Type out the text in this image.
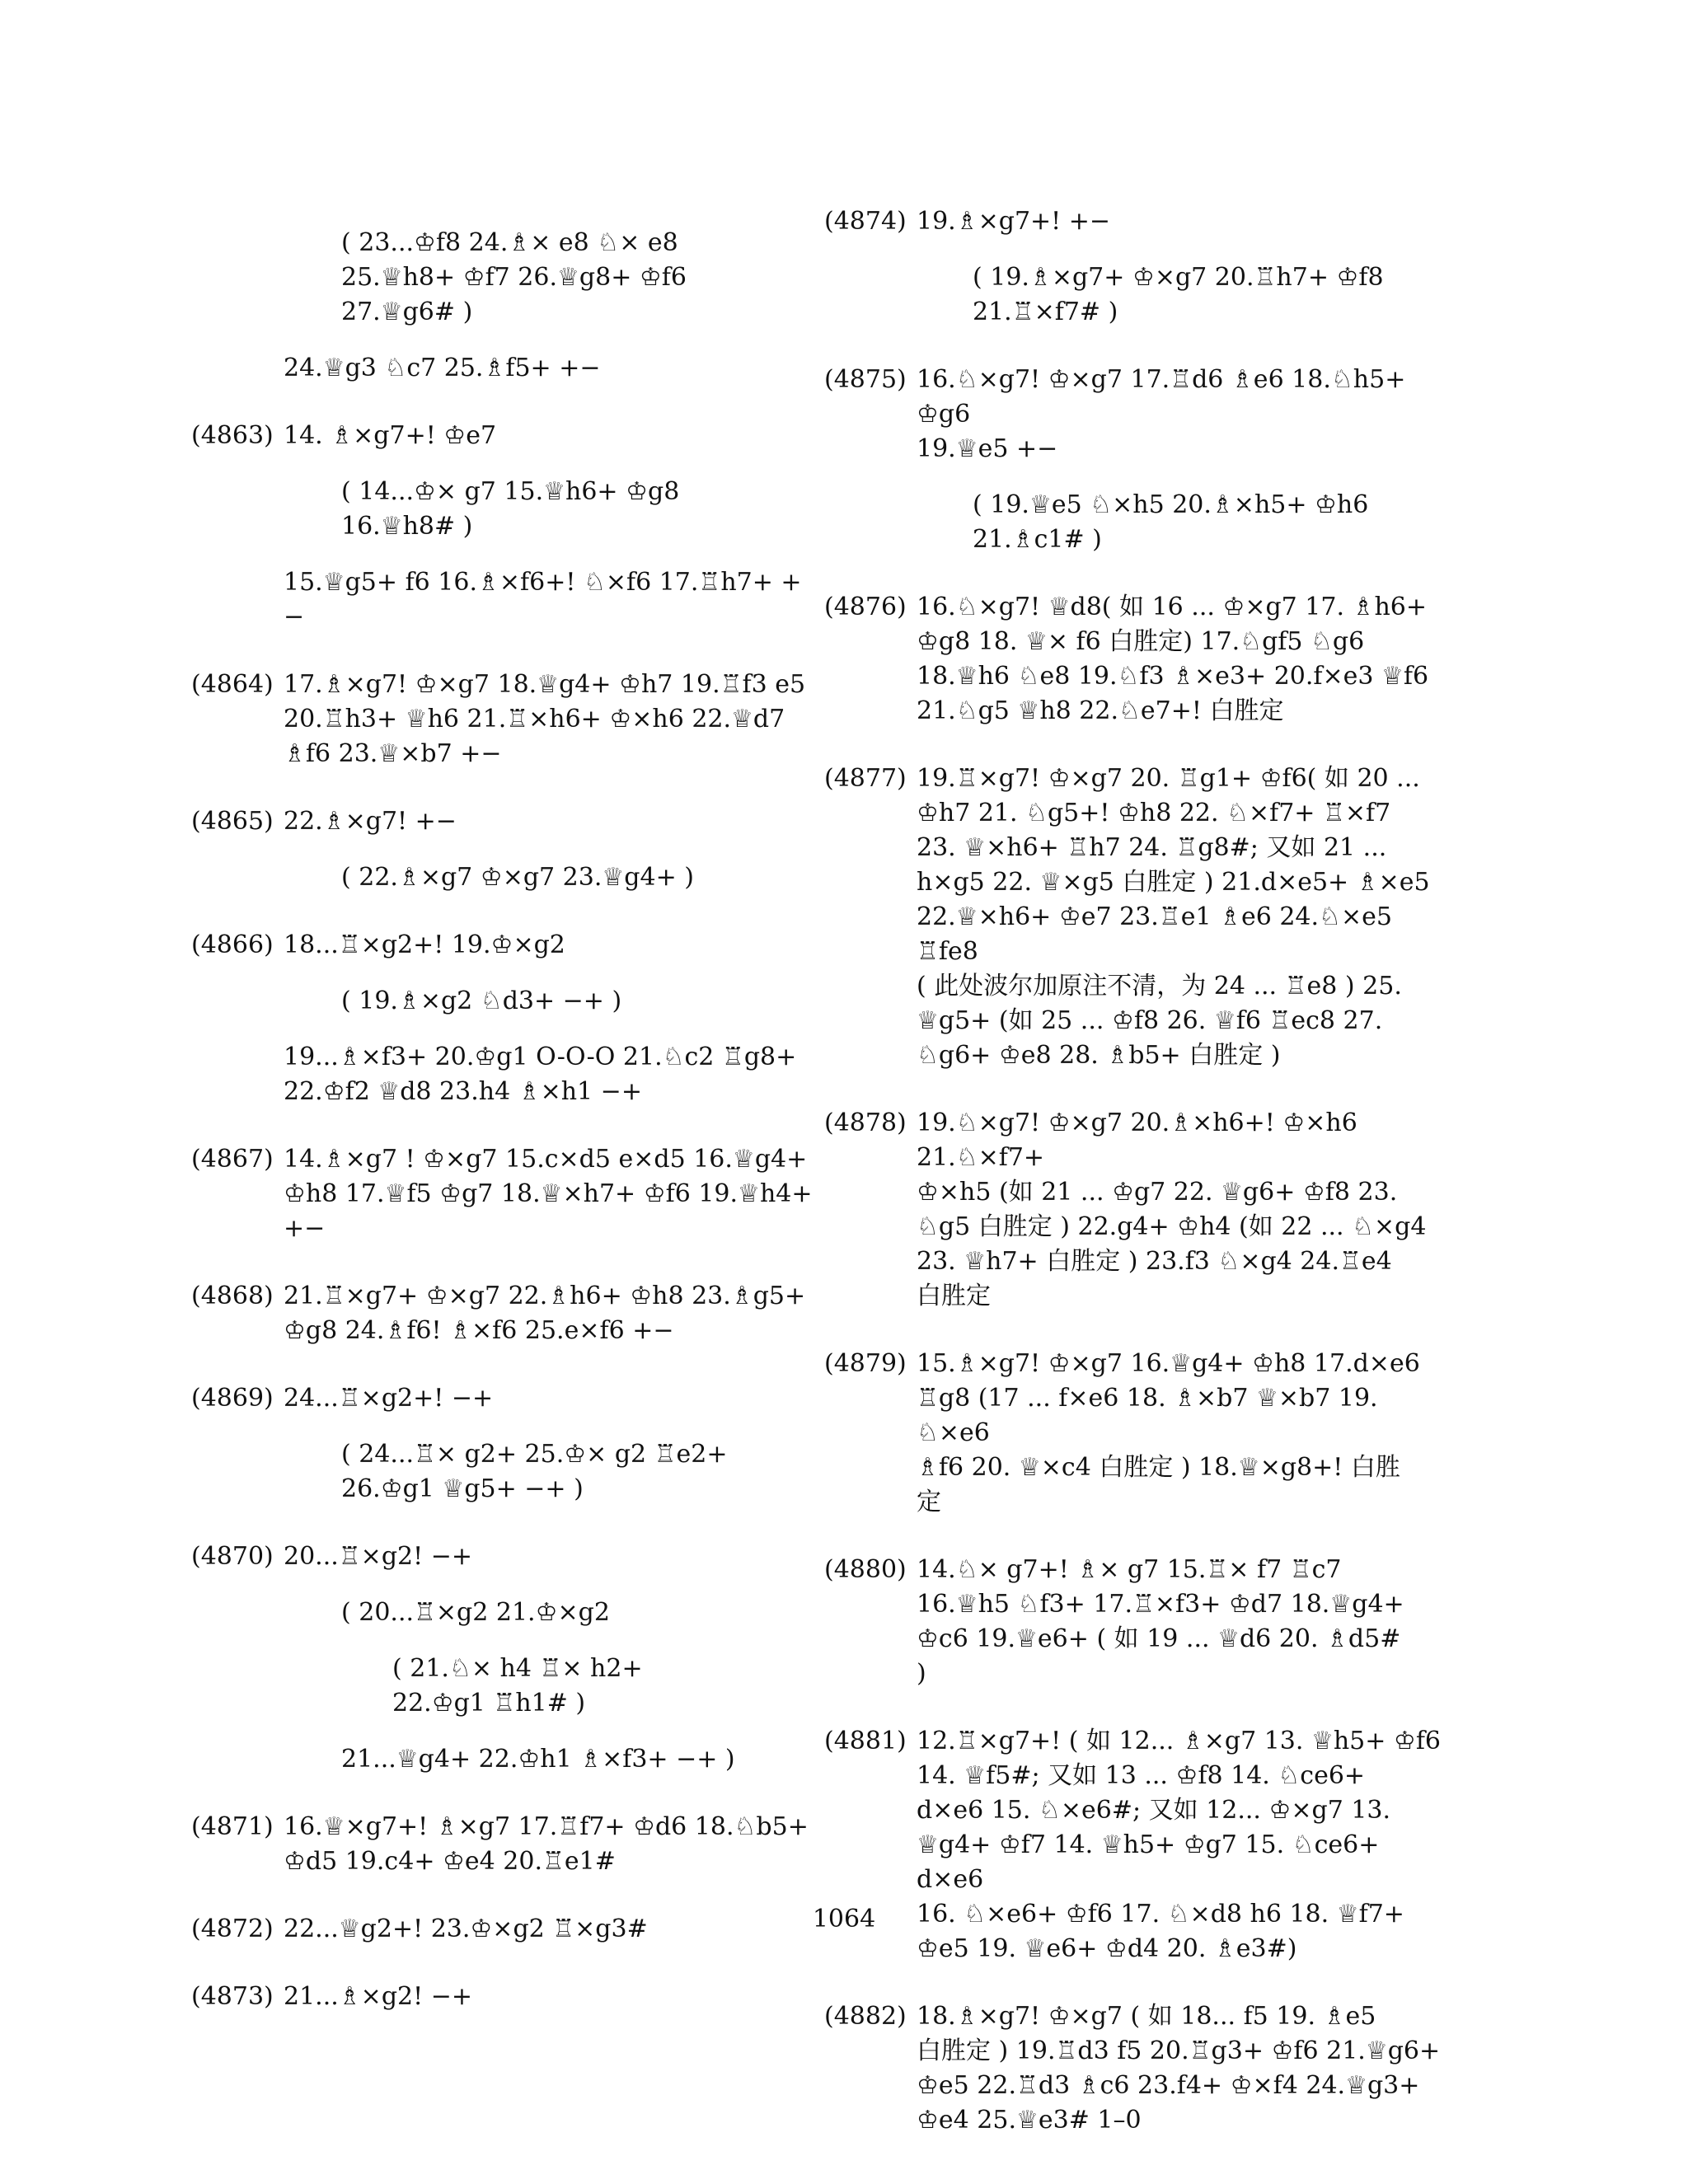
( 23...♔f8 24.♗× e8 ♘× e8
25.♕h8+ ♔f7 26.♕g8+ ♔f6
27.♕g6# )

24.♕g3 ♘c7 25.♗f5+ +−

(4863) 14. ♗×g7+! ♔e7

( 14...♔× g7 15.♕h6+ ♔g8
16.♕h8# )

15.♕g5+ f6 16.♗×f6+! ♘×f6 17.♖h7+ +−

(4864) 17.♗×g7! ♔×g7 18.♕g4+ ♔h7 19.♖f3 e5
20.♖h3+ ♕h6 21.♖×h6+ ♔×h6 22.♕d7
♗f6 23.♕×b7 +−

(4865) 22.♗×g7! +−

( 22.♗×g7 ♔×g7 23.♕g4+ )

(4866) 18...♖×g2+! 19.♔×g2

( 19.♗×g2 ♘d3+ −+ )

19...♗×f3+ 20.♔g1 O-O-O 21.♘c2 ♖g8+
22.♔f2 ♕d8 23.h4 ♗×h1 −+

(4867) 14.♗×g7 ! ♔×g7 15.c×d5 e×d5 16.♕g4+
♔h8 17.♕f5 ♔g7 18.♕×h7+ ♔f6 19.♕h4+
+−

(4868) 21.♖×g7+ ♔×g7 22.♗h6+ ♔h8 23.♗g5+
♔g8 24.♗f6! ♗×f6 25.e×f6 +−

(4869) 24...♖×g2+! −+

( 24...♖× g2+ 25.♔× g2 ♖e2+
26.♔g1 ♕g5+ −+ )

(4870) 20...♖×g2! −+

( 20...♖×g2 21.♔×g2

( 21.♘× h4 ♖× h2+
22.♔g1 ♖h1# )

21...♕g4+ 22.♔h1 ♗×f3+ −+ )

(4871) 16.♕×g7+! ♗×g7 17.♖f7+ ♔d6 18.♘b5+
♔d5 19.c4+ ♔e4 20.♖e1#

(4872) 22...♕g2+! 23.♔×g2 ♖×g3#

(4873) 21...♗×g2! −+

(4874) 19.♗×g7+! +−

( 19.♗×g7+ ♔×g7 20.♖h7+ ♔f8
21.♖×f7# )

(4875) 16.♘×g7! ♔×g7 17.♖d6 ♗e6 18.♘h5+ ♔g6
19.♕e5 +−

( 19.♕e5 ♘×h5 20.♗×h5+ ♔h6
21.♗c1# )

(4876) 16.♘×g7! ♕d8( 如 16 ... ♔×g7 17. ♗h6+
♔g8 18. ♕× f6 白胜定) 17.♘gf5 ♘g6
18.♕h6 ♘e8 19.♘f3 ♗×e3+ 20.f×e3 ♕f6
21.♘g5 ♕h8 22.♘e7+! 白胜定

(4877) 19.♖×g7! ♔×g7 20. ♖g1+ ♔f6( 如 20 ...
♔h7 21. ♘g5+! ♔h8 22. ♘×f7+ ♖×f7
23. ♕×h6+ ♖h7 24. ♖g8#; 又如 21 ...
h×g5 22. ♕×g5 白胜定 ) 21.d×e5+ ♗×e5
22.♕×h6+ ♔e7 23.♖e1 ♗e6 24.♘×e5 ♖fe8
( 此处波尔加原注不清，为 24 ... ♖e8 ) 25.
♕g5+ (如 25 ... ♔f8 26. ♕f6 ♖ec8 27.
♘g6+ ♔e8 28. ♗b5+ 白胜定 )

(4878) 19.♘×g7! ♔×g7 20.♗×h6+! ♔×h6 21.♘×f7+
♔×h5 (如 21 ... ♔g7 22. ♕g6+ ♔f8 23.
♘g5 白胜定 ) 22.g4+ ♔h4 (如 22 ... ♘×g4
23. ♕h7+ 白胜定 ) 23.f3 ♘×g4 24.♖e4
白胜定

(4879) 15.♗×g7! ♔×g7 16.♕g4+ ♔h8 17.d×e6
♖g8 (17 ... f×e6 18. ♗×b7 ♕×b7 19. ♘×e6
♗f6 20. ♕×c4 白胜定 ) 18.♕×g8+! 白胜
定

(4880) 14.♘× g7+! ♗× g7 15.♖× f7 ♖c7
16.♕h5 ♘f3+ 17.♖×f3+ ♔d7 18.♕g4+
♔c6 19.♕e6+ ( 如 19 ... ♕d6 20. ♗d5#
)

(4881) 12.♖×g7+! ( 如 12... ♗×g7 13. ♕h5+ ♔f6
14. ♕f5#; 又如 13 ... ♔f8 14. ♘ce6+
d×e6 15. ♘×e6#; 又如 12... ♔×g7 13.
♕g4+ ♔f7 14. ♕h5+ ♔g7 15. ♘ce6+ d×e6
16. ♘×e6+ ♔f6 17. ♘×d8 h6 18. ♕f7+
♔e5 19. ♕e6+ ♔d4 20. ♗e3#)

(4882) 18.♗×g7! ♔×g7 ( 如 18... f5 19. ♗e5
白胜定 ) 19.♖d3 f5 20.♖g3+ ♔f6 21.♕g6+
♔e5 22.♖d3 ♗c6 23.f4+ ♔×f4 24.♕g3+
♔e4 25.♕e3# 1–0

1064
